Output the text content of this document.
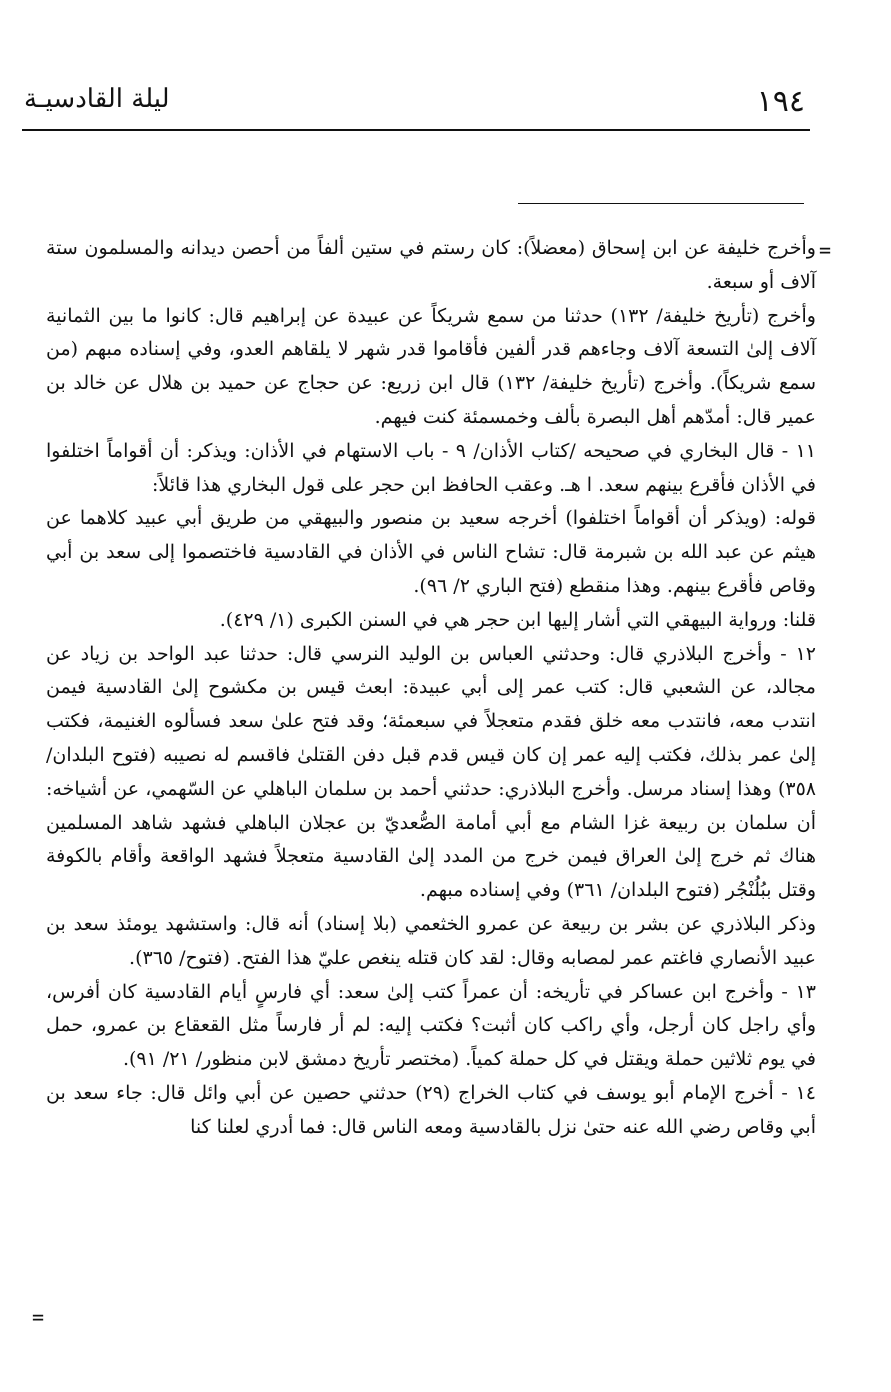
١٩٤
ليلة القادسيـة
=

وأخرج خليفة عن ابن إسحاق (معضلاً): كان رستم في ستين ألفاً من أحصن ديدانه والمسلمون ستة آلاف أو سبعة.

وأخرج (تأريخ خليفة/ ١٣٢) حدثنا من سمع شريكاً عن عبيدة عن إبراهيم قال: كانوا ما بين الثمانية آلاف إلىٰ التسعة آلاف وجاءهم قدر ألفين فأقاموا قدر شهر لا يلقاهم العدو، وفي إسناده مبهم (من سمع شريكاً). وأخرج (تأريخ خليفة/ ١٣٢) قال ابن زريع: عن حجاج عن حميد بن هلال عن خالد بن عمير قال: أمدّهم أهل البصرة بألف وخمسمئة كنت فيهم.

١١ - قال البخاري في صحيحه /كتاب الأذان/ ٩ - باب الاستهام في الأذان: ويذكر: أن أقواماً اختلفوا في الأذان فأقرع بينهم سعد. ا هـ. وعقب الحافظ ابن حجر على قول البخاري هذا قائلاً:

قوله: (ويذكر أن أقواماً اختلفوا) أخرجه سعيد بن منصور والبيهقي من طريق أبي عبيد كلاهما عن هيثم عن عبد الله بن شبرمة قال: تشاح الناس في الأذان في القادسية فاختصموا إلى سعد بن أبي وقاص فأقرع بينهم. وهذا منقطع (فتح الباري ٢/ ٩٦).

قلنا: ورواية البيهقي التي أشار إليها ابن حجر هي في السنن الكبرى (١/ ٤٢٩).

١٢ - وأخرج البلاذري قال: وحدثني العباس بن الوليد النرسي قال: حدثنا عبد الواحد بن زياد عن مجالد، عن الشعبي قال: كتب عمر إلى أبي عبيدة: ابعث قيس بن مكشوح إلىٰ القادسية فيمن انتدب معه، فانتدب معه خلق فقدم متعجلاً في سبعمئة؛ وقد فتح علىٰ سعد فسألوه الغنيمة، فكتب إلىٰ عمر بذلك، فكتب إليه عمر إن كان قيس قدم قبل دفن القتلىٰ فاقسم له نصيبه (فتوح البلدان/ ٣٥٨) وهذا إسناد مرسل. وأخرج البلاذري: حدثني أحمد بن سلمان الباهلي عن السّهمي، عن أشياخه: أن سلمان بن ربيعة غزا الشام مع أبي أمامة الصُّعديّ بن عجلان الباهلي فشهد شاهد المسلمين هناك ثم خرج إلىٰ العراق فيمن خرج من المدد إلىٰ القادسية متعجلاً فشهد الواقعة وأقام بالكوفة وقتل ببُلُنْجُر (فتوح البلدان/ ٣٦١) وفي إسناده مبهم.

وذكر البلاذري عن بشر بن ربيعة عن عمرو الخثعمي (بلا إسناد) أنه قال: واستشهد يومئذ سعد بن عبيد الأنصاري فاغتم عمر لمصابه وقال: لقد كان قتله ينغص عليّ هذا الفتح. (فتوح/ ٣٦٥).

١٣ - وأخرج ابن عساكر في تأريخه: أن عمراً كتب إلىٰ سعد: أي فارسٍ أيام القادسية كان أفرس، وأي راجل كان أرجل، وأي راكب كان أثبت؟ فكتب إليه: لم أر فارساً مثل القعقاع بن عمرو، حمل في يوم ثلاثين حملة ويقتل في كل حملة كمياً. (مختصر تأريخ دمشق لابن منظور/ ٢١/ ٩١).

١٤ - أخرج الإمام أبو يوسف في كتاب الخراج (٢٩) حدثني حصين عن أبي وائل قال: جاء سعد بن أبي وقاص رضي الله عنه حتىٰ نزل بالقادسية ومعه الناس قال: فما أدري لعلنا كنا

=
